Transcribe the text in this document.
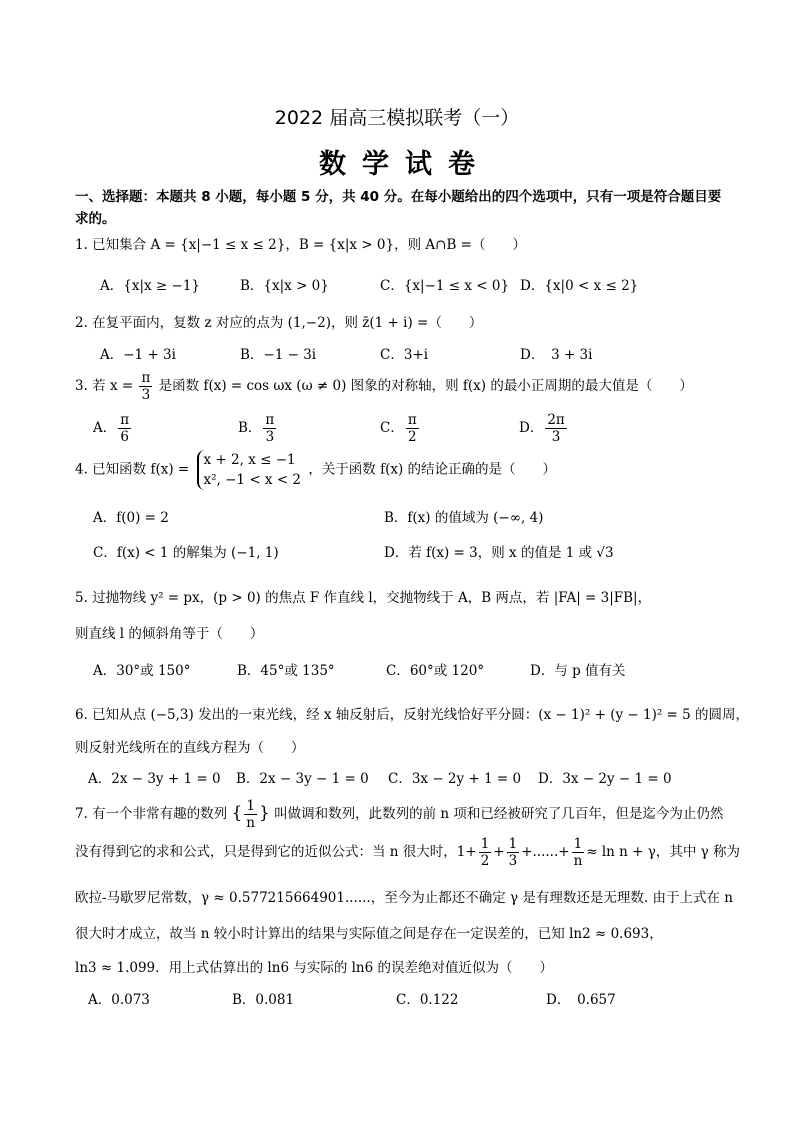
2022 届高三模拟联考（一）
数学试卷
一、选择题：本题共 8 小题，每小题 5 分，共 40 分。在每小题给出的四个选项中，只有一项是符合题目要
求的。
1. 已知集合 A = {x|−1 ≤ x ≤ 2}，B = {x|x > 0}，则 A∩B =（　　）
A．{x|x ≥ −1}	B．{x|x > 0}	C．{x|−1 ≤ x < 0} D．{x|0 < x ≤ 2}
2. 在复平面内，复数 z 对应的点为 (1,−2)，则 z̄(1 + i) =（　　）
A．−1 + 3i	B．−1 − 3i	C．3+i	D．　3 + 3i
3. 若 $x = \frac{\pi}{3}$ 是函数 f(x) = cos ωx (ω ≠ 0) 图象的对称轴，则 f(x) 的最小正周期的最大值是（　　）
A． $\frac{\pi}{6}$	B． $\frac{\pi}{3}$	C． $\frac{\pi}{2}$	D． $\frac{2\pi}{3}$
4. 已知函数 f(x) =
x + 2, x ≤ −1
x², −1 < x < 2
，关于函数 f(x) 的结论正确的是（　　）
A．f(0) = 2	B．f(x) 的值域为 (−∞, 4)
C．f(x) < 1 的解集为 (−1, 1)	D．若 f(x) = 3，则 x 的值是 1 或 √3
5. 过抛物线 y² = px，(p > 0) 的焦点 F 作直线 l，交抛物线于 A，B 两点，若 |FA| = 3|FB|，
则直线 l 的倾斜角等于（　　）
A．30°或 150°	B．45°或 135°	C．60°或 120°	D．与 p 值有关
6. 已知从点 (−5,3) 发出的一束光线，经 x 轴反射后，反射光线恰好平分圆：(x − 1)² + (y − 1)² = 5 的圆周，
则反射光线所在的直线方程为（　　）
A．2x − 3y + 1 = 0 B．2x − 3y − 1 = 0 C．3x − 2y + 1 = 0 D．3x − 2y − 1 = 0
7. 有一个非常有趣的数列 { $\frac{1}{n}$ } 叫做调和数列，此数列的前 n 项和已经被研究了几百年，但是迄今为止仍然
没有得到它的求和公式，只是得到它的近似公式：当 n 很大时，$1+ \frac{1}{2} + \frac{1}{3}$ +......+ $\frac{1}{n} \approx \ln n + \gamma$，其中 γ 称为
欧拉-马歇罗尼常数，γ ≈ 0.577215664901......，至今为止都还不确定 γ 是有理数还是无理数. 由于上式在 n
很大时才成立，故当 n 较小时计算出的结果与实际值之间是存在一定误差的，已知 ln2 ≈ 0.693，
ln3 ≈ 1.099．用上式估算出的 ln6 与实际的 ln6 的误差绝对值近似为（　　）
A．0.073	B．0.081	C．0.122	D．　0.657
